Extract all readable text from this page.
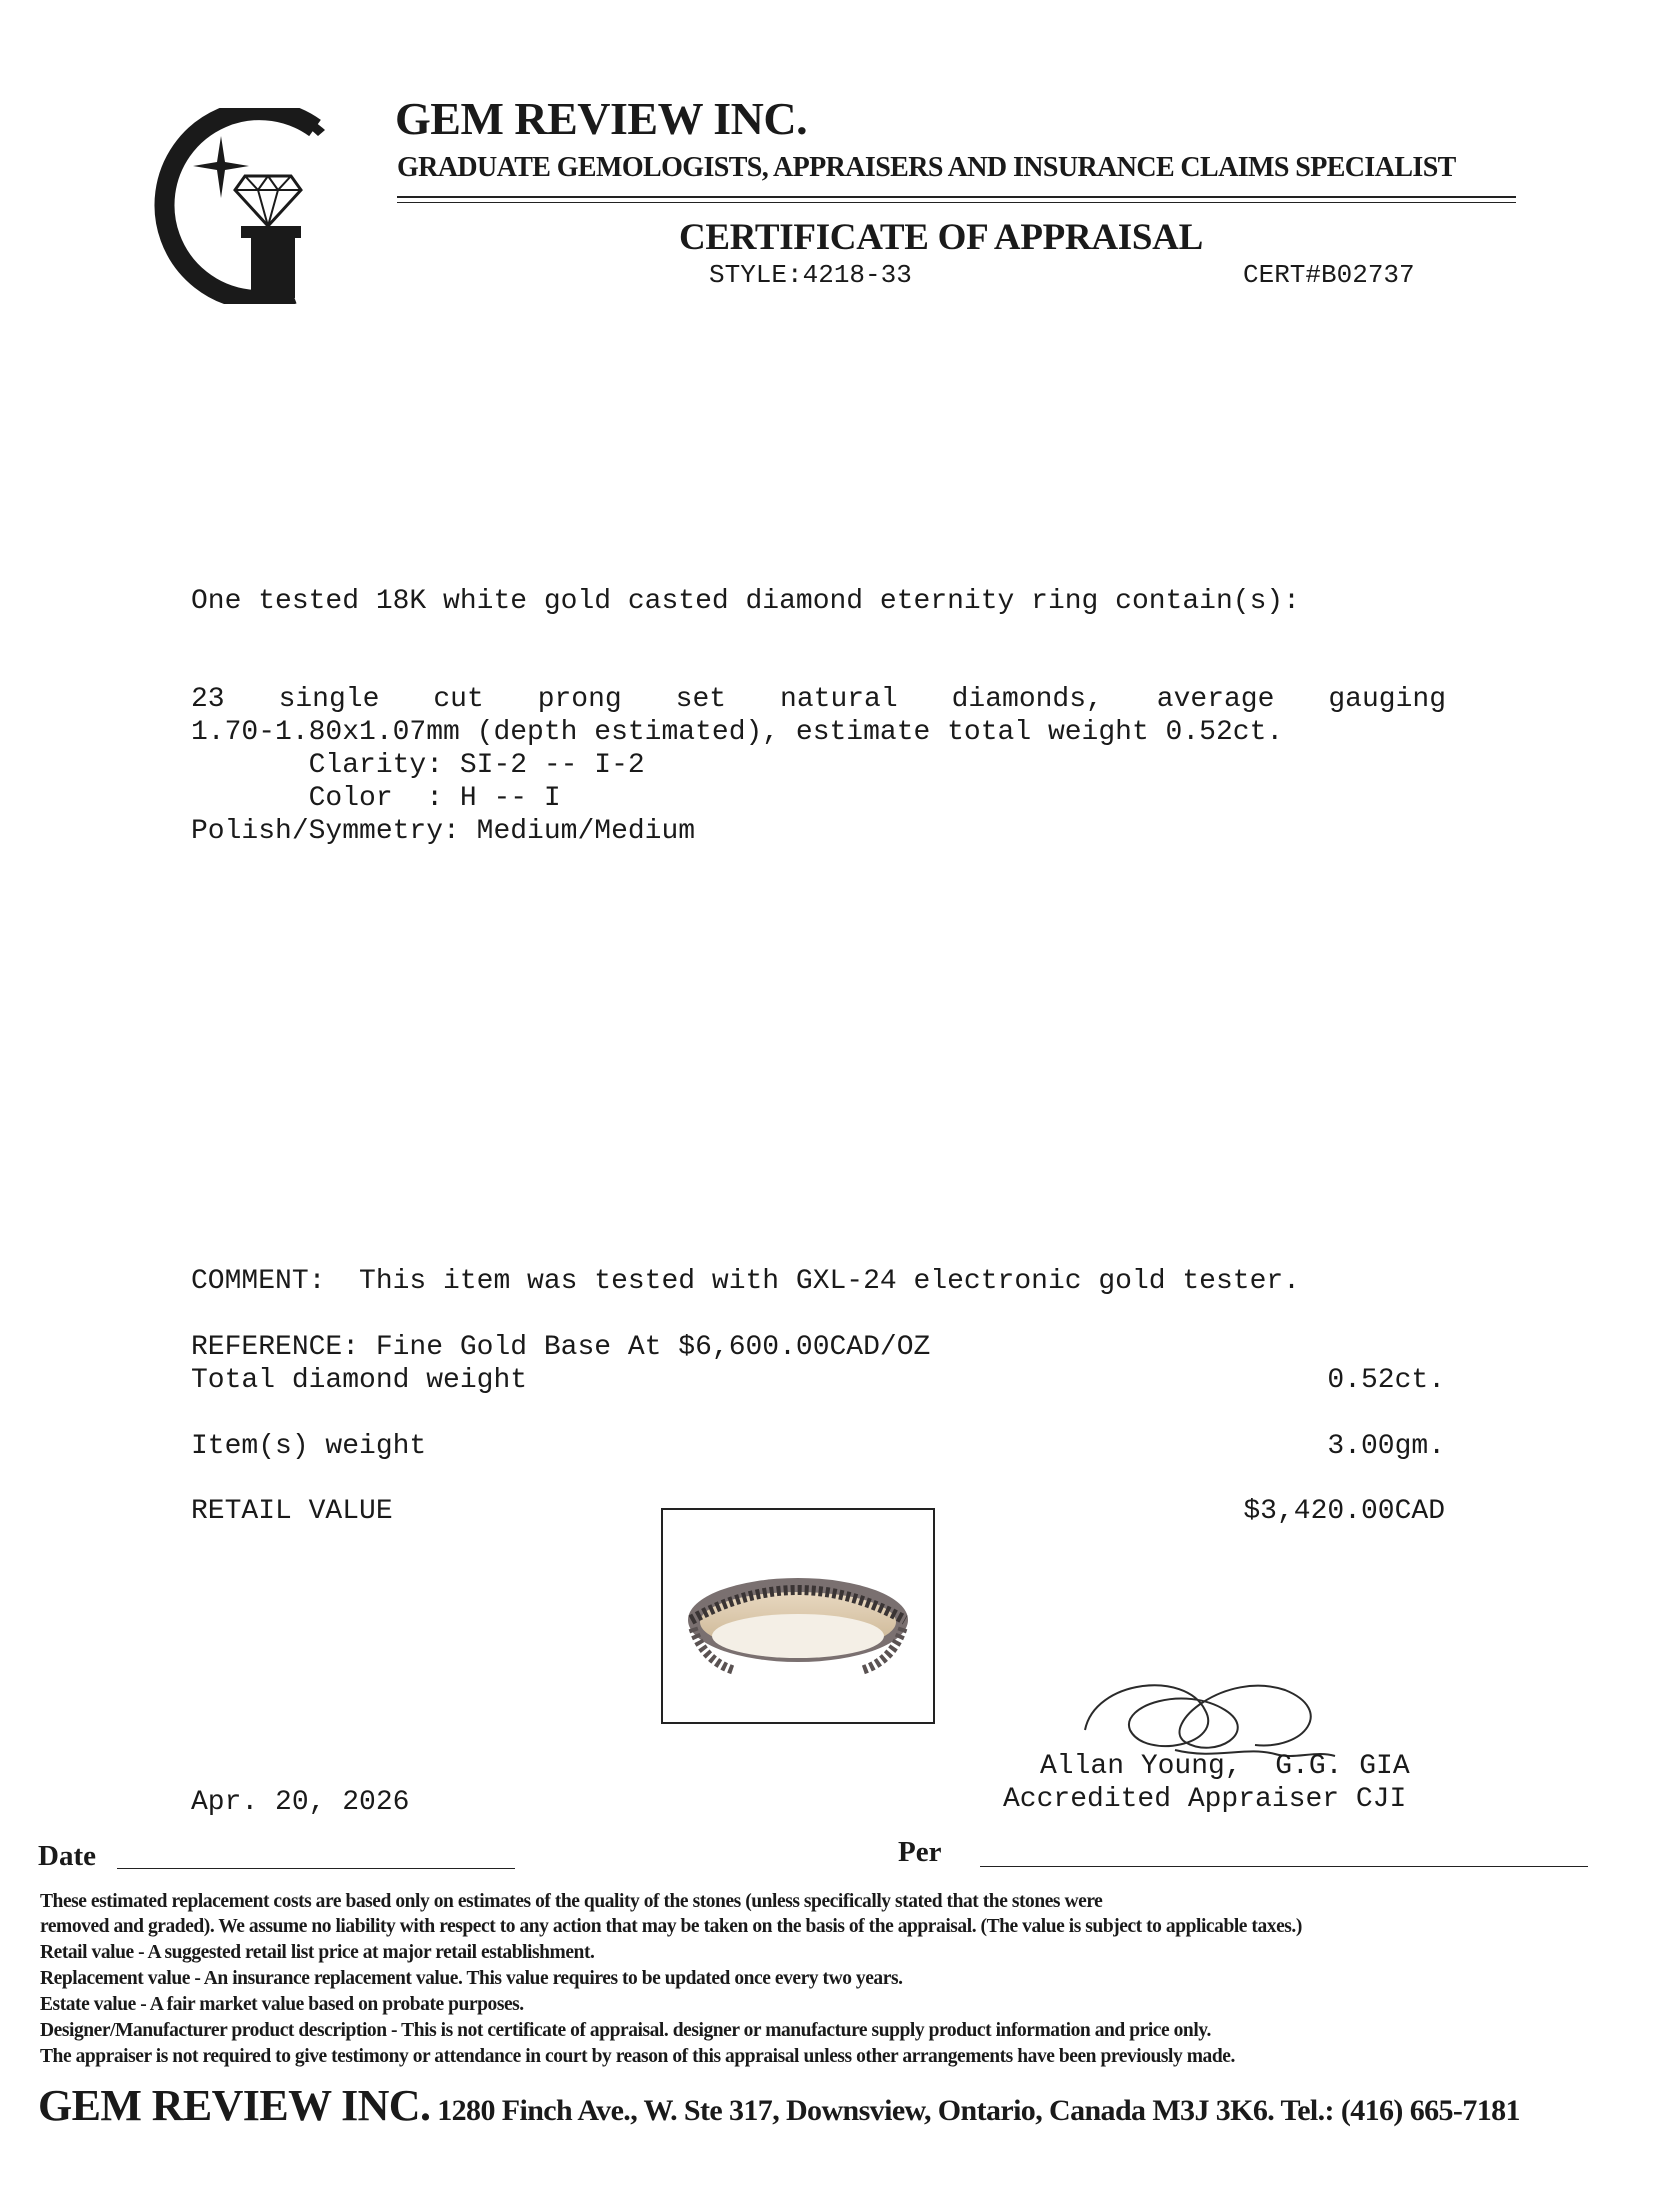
GEM REVIEW INC.
GRADUATE GEMOLOGISTS, APPRAISERS AND INSURANCE CLAIMS SPECIALIST
CERTIFICATE OF APPRAISAL
STYLE:4218-33	CERT#B02737
One tested 18K white gold casted diamond eternity ring contain(s):
23 single cut prong set natural diamonds, average gauging
1.70-1.80x1.07mm (depth estimated), estimate total weight 0.52ct.
Clarity: SI-2 -- I-2
Color  : H -- I
Polish/Symmetry: Medium/Medium
COMMENT:  This item was tested with GXL-24 electronic gold tester.
REFERENCE: Fine Gold Base At $6,600.00CAD/OZ
Total diamond weight	0.52ct.
Item(s) weight	3.00gm.
RETAIL VALUE	$3,420.00CAD
Allan Young,  G.G. GIA
Accredited Appraiser CJI
Apr. 20, 2026
Date	Per
These estimated replacement costs are based only on estimates of the quality of the stones (unless specifically stated that the stones were
removed and graded). We assume no liability with respect to any action that may be taken on the basis of the appraisal. (The value is subject to applicable taxes.)
Retail value - A suggested retail list price at major retail establishment.
Replacement value - An insurance replacement value. This value requires to be updated once every two years.
Estate value - A fair market value based on probate purposes.
Designer/Manufacturer product description - This is not certificate of appraisal. designer or manufacture supply product information and price only.
The appraiser is not required to give testimony or attendance in court by reason of this appraisal unless other arrangements have been previously made.
GEM REVIEW INC. 1280 Finch Ave., W. Ste 317, Downsview, Ontario, Canada M3J 3K6. Tel.: (416) 665-7181
